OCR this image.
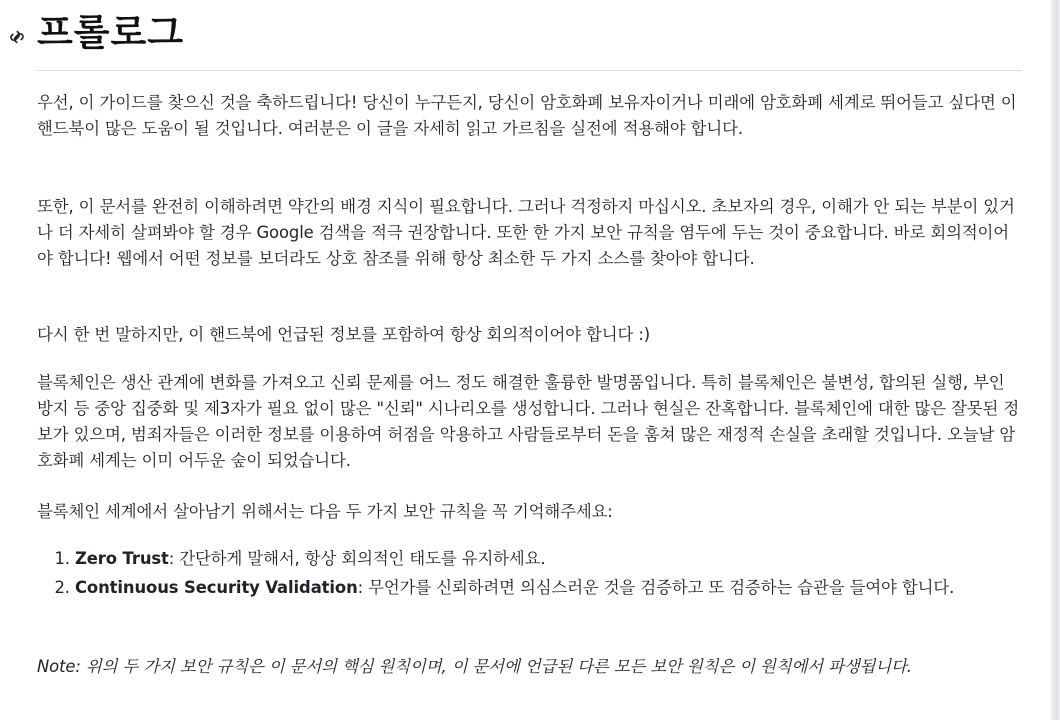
프롤로그

우선, 이 가이드를 찾으신 것을 축하드립니다! 당신이 누구든지, 당신이 암호화폐 보유자이거나 미래에 암호화폐 세계로 뛰어들고 싶다면 이 핸드북이 많은 도움이 될 것입니다. 여러분은 이 글을 자세히 읽고 가르침을 실전에 적용해야 합니다.

또한, 이 문서를 완전히 이해하려면 약간의 배경 지식이 필요합니다. 그러나 걱정하지 마십시오. 초보자의 경우, 이해가 안 되는 부분이 있거나 더 자세히 살펴봐야 할 경우 Google 검색을 적극 권장합니다. 또한 한 가지 보안 규칙을 염두에 두는 것이 중요합니다. 바로 회의적이어야 합니다! 웹에서 어떤 정보를 보더라도 상호 참조를 위해 항상 최소한 두 가지 소스를 찾아야 합니다.

다시 한 번 말하지만, 이 핸드북에 언급된 정보를 포함하여 항상 회의적이어야 합니다 :)

블록체인은 생산 관계에 변화를 가져오고 신뢰 문제를 어느 정도 해결한 훌륭한 발명품입니다. 특히 블록체인은 불변성, 합의된 실행, 부인 방지 등 중앙 집중화 및 제3자가 필요 없이 많은 "신뢰" 시나리오를 생성합니다. 그러나 현실은 잔혹합니다. 블록체인에 대한 많은 잘못된 정보가 있으며, 범죄자들은 이러한 정보를 이용하여 허점을 악용하고 사람들로부터 돈을 훔쳐 많은 재정적 손실을 초래할 것입니다. 오늘날 암호화폐 세계는 이미 어두운 숲이 되었습니다.

블록체인 세계에서 살아남기 위해서는 다음 두 가지 보안 규칙을 꼭 기억해주세요:

1. Zero Trust: 간단하게 말해서, 항상 회의적인 태도를 유지하세요.
2. Continuous Security Validation: 무언가를 신뢰하려면 의심스러운 것을 검증하고 또 검증하는 습관을 들여야 합니다.

Note: 위의 두 가지 보안 규칙은 이 문서의 핵심 원칙이며, 이 문서에 언급된 다른 모든 보안 원칙은 이 원칙에서 파생됩니다.
